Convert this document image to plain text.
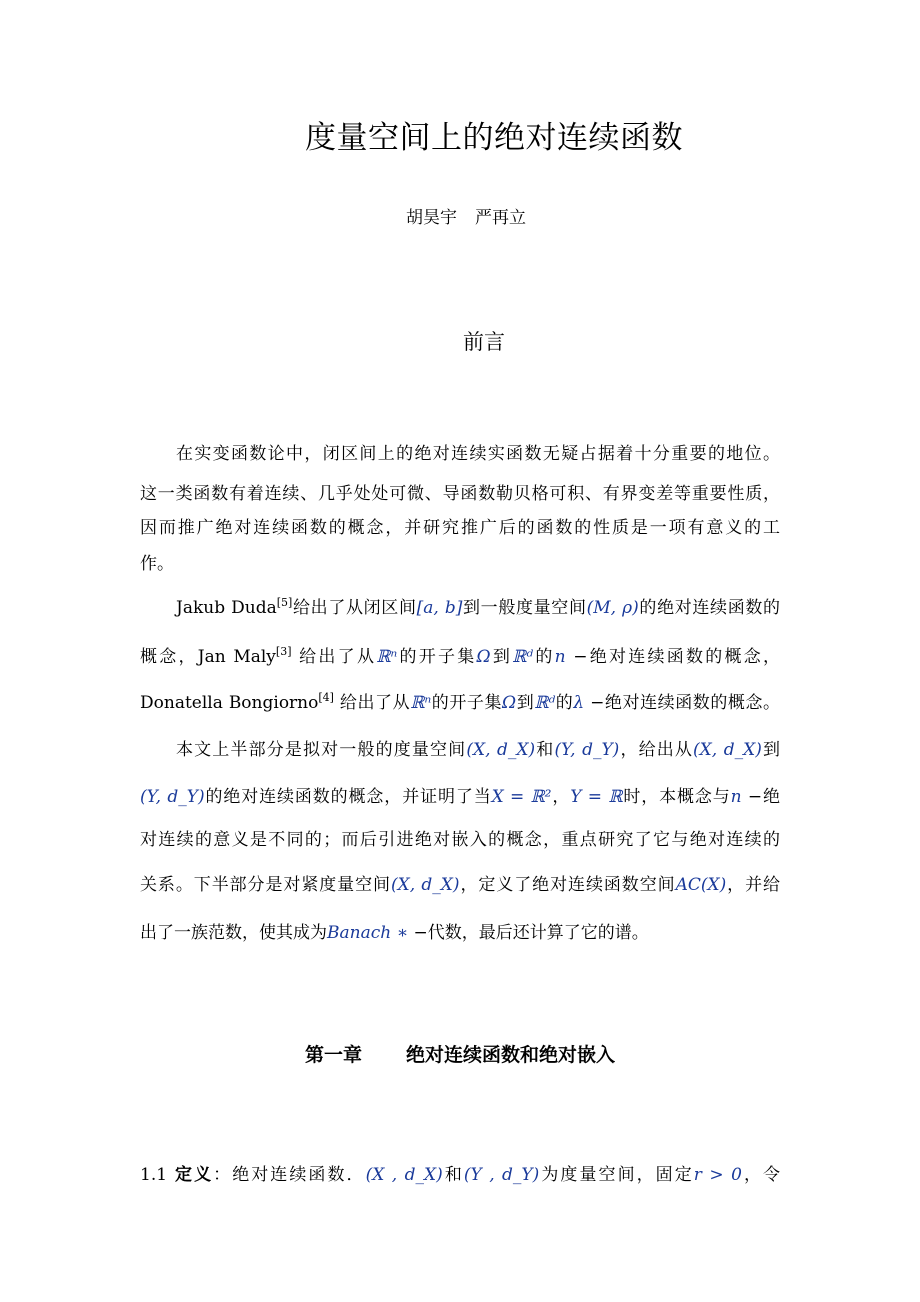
度量空间上的绝对连续函数
胡昊宇 严再立
前言
在实变函数论中，闭区间上的绝对连续实函数无疑占据着十分重要的地位。
这一类函数有着连续、几乎处处可微、导函数勒贝格可积、有界变差等重要性质，
因而推广绝对连续函数的概念，并研究推广后的函数的性质是一项有意义的工
作。
Jakub Duda[5]给出了从闭区间[a, b]到一般度量空间(M, ρ)的绝对连续函数的
概念，Jan Maly[3] 给出了从ℝⁿ的开子集Ω到ℝᵈ的n −绝对连续函数的概念，
Donatella Bongiorno[4] 给出了从ℝⁿ的开子集Ω到ℝᵈ的λ −绝对连续函数的概念。
本文上半部分是拟对一般的度量空间(X, d_X)和(Y, d_Y)，给出从(X, d_X)到
(Y, d_Y)的绝对连续函数的概念，并证明了当X = ℝ²，Y = ℝ时，本概念与n −绝
对连续的意义是不同的；而后引进绝对嵌入的概念，重点研究了它与绝对连续的
关系。下半部分是对紧度量空间(X, d_X)，定义了绝对连续函数空间AC(X)，并给
出了一族范数，使其成为Banach ∗ −代数，最后还计算了它的谱。
第一章 绝对连续函数和绝对嵌入
1.1 定义：绝对连续函数．(X , d_X)和(Y , d_Y)为度量空间，固定r > 0，令
